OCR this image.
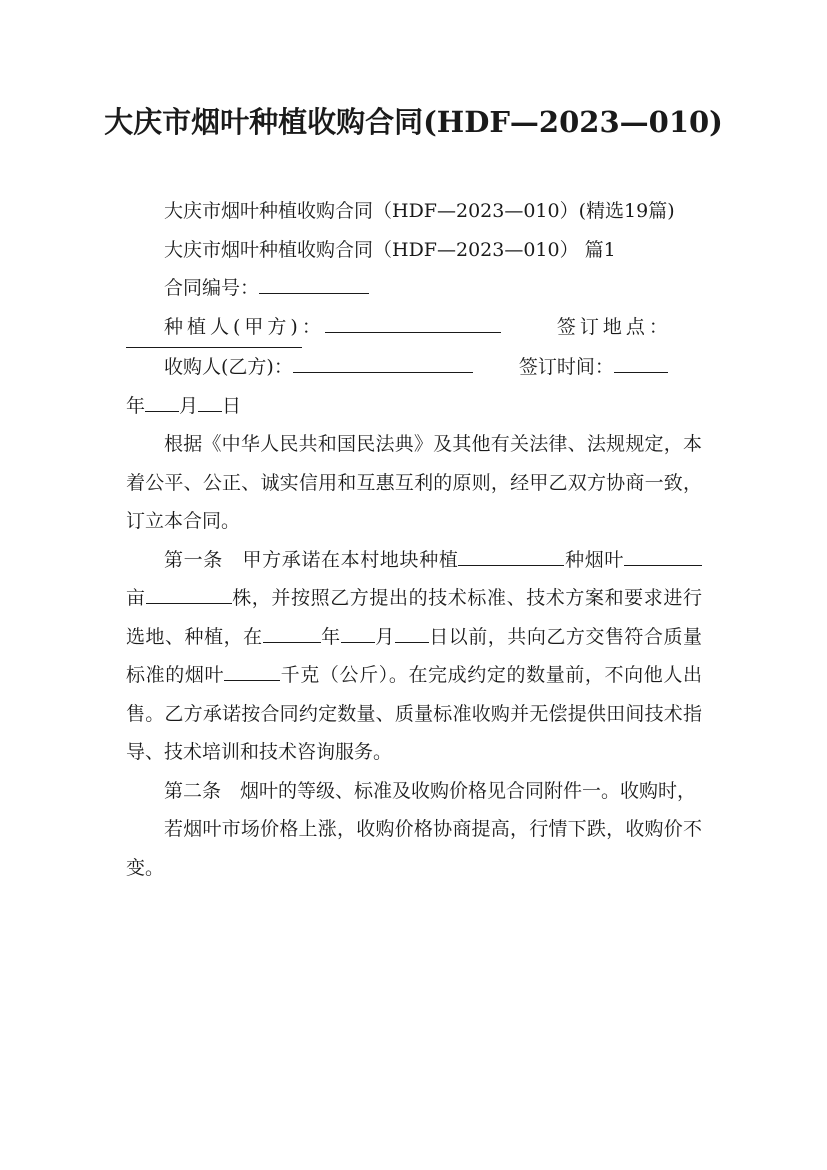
大庆市烟叶种植收购合同(HDF—2023—010)

大庆市烟叶种植收购合同（HDF—2023—010）(精选19篇)

大庆市烟叶种植收购合同（HDF—2023—010） 篇1
合同编号：
种植人(甲方)：	签订地点：
收购人(乙方)：	签订时间：
年 月 日

根据《中华人民共和国民法典》及其他有关法律、法规规定，本着公平、公正、诚实信用和互惠互利的原则，经甲乙双方协商一致，订立本合同。

第一条　甲方承诺在本村地块种植	种烟叶亩	株，并按照乙方提出的技术标准、技术方案和要求进行选地、种植，在	年 月 日以前，共向乙方交售符合质量标准的烟叶	千克（公斤）。在完成约定的数量前，不向他人出售。乙方承诺按合同约定数量、质量标准收购并无偿提供田间技术指导、技术培训和技术咨询服务。

第二条　烟叶的等级、标准及收购价格见合同附件一。收购时，

若烟叶市场价格上涨，收购价格协商提高，行情下跌，收购价不变。
